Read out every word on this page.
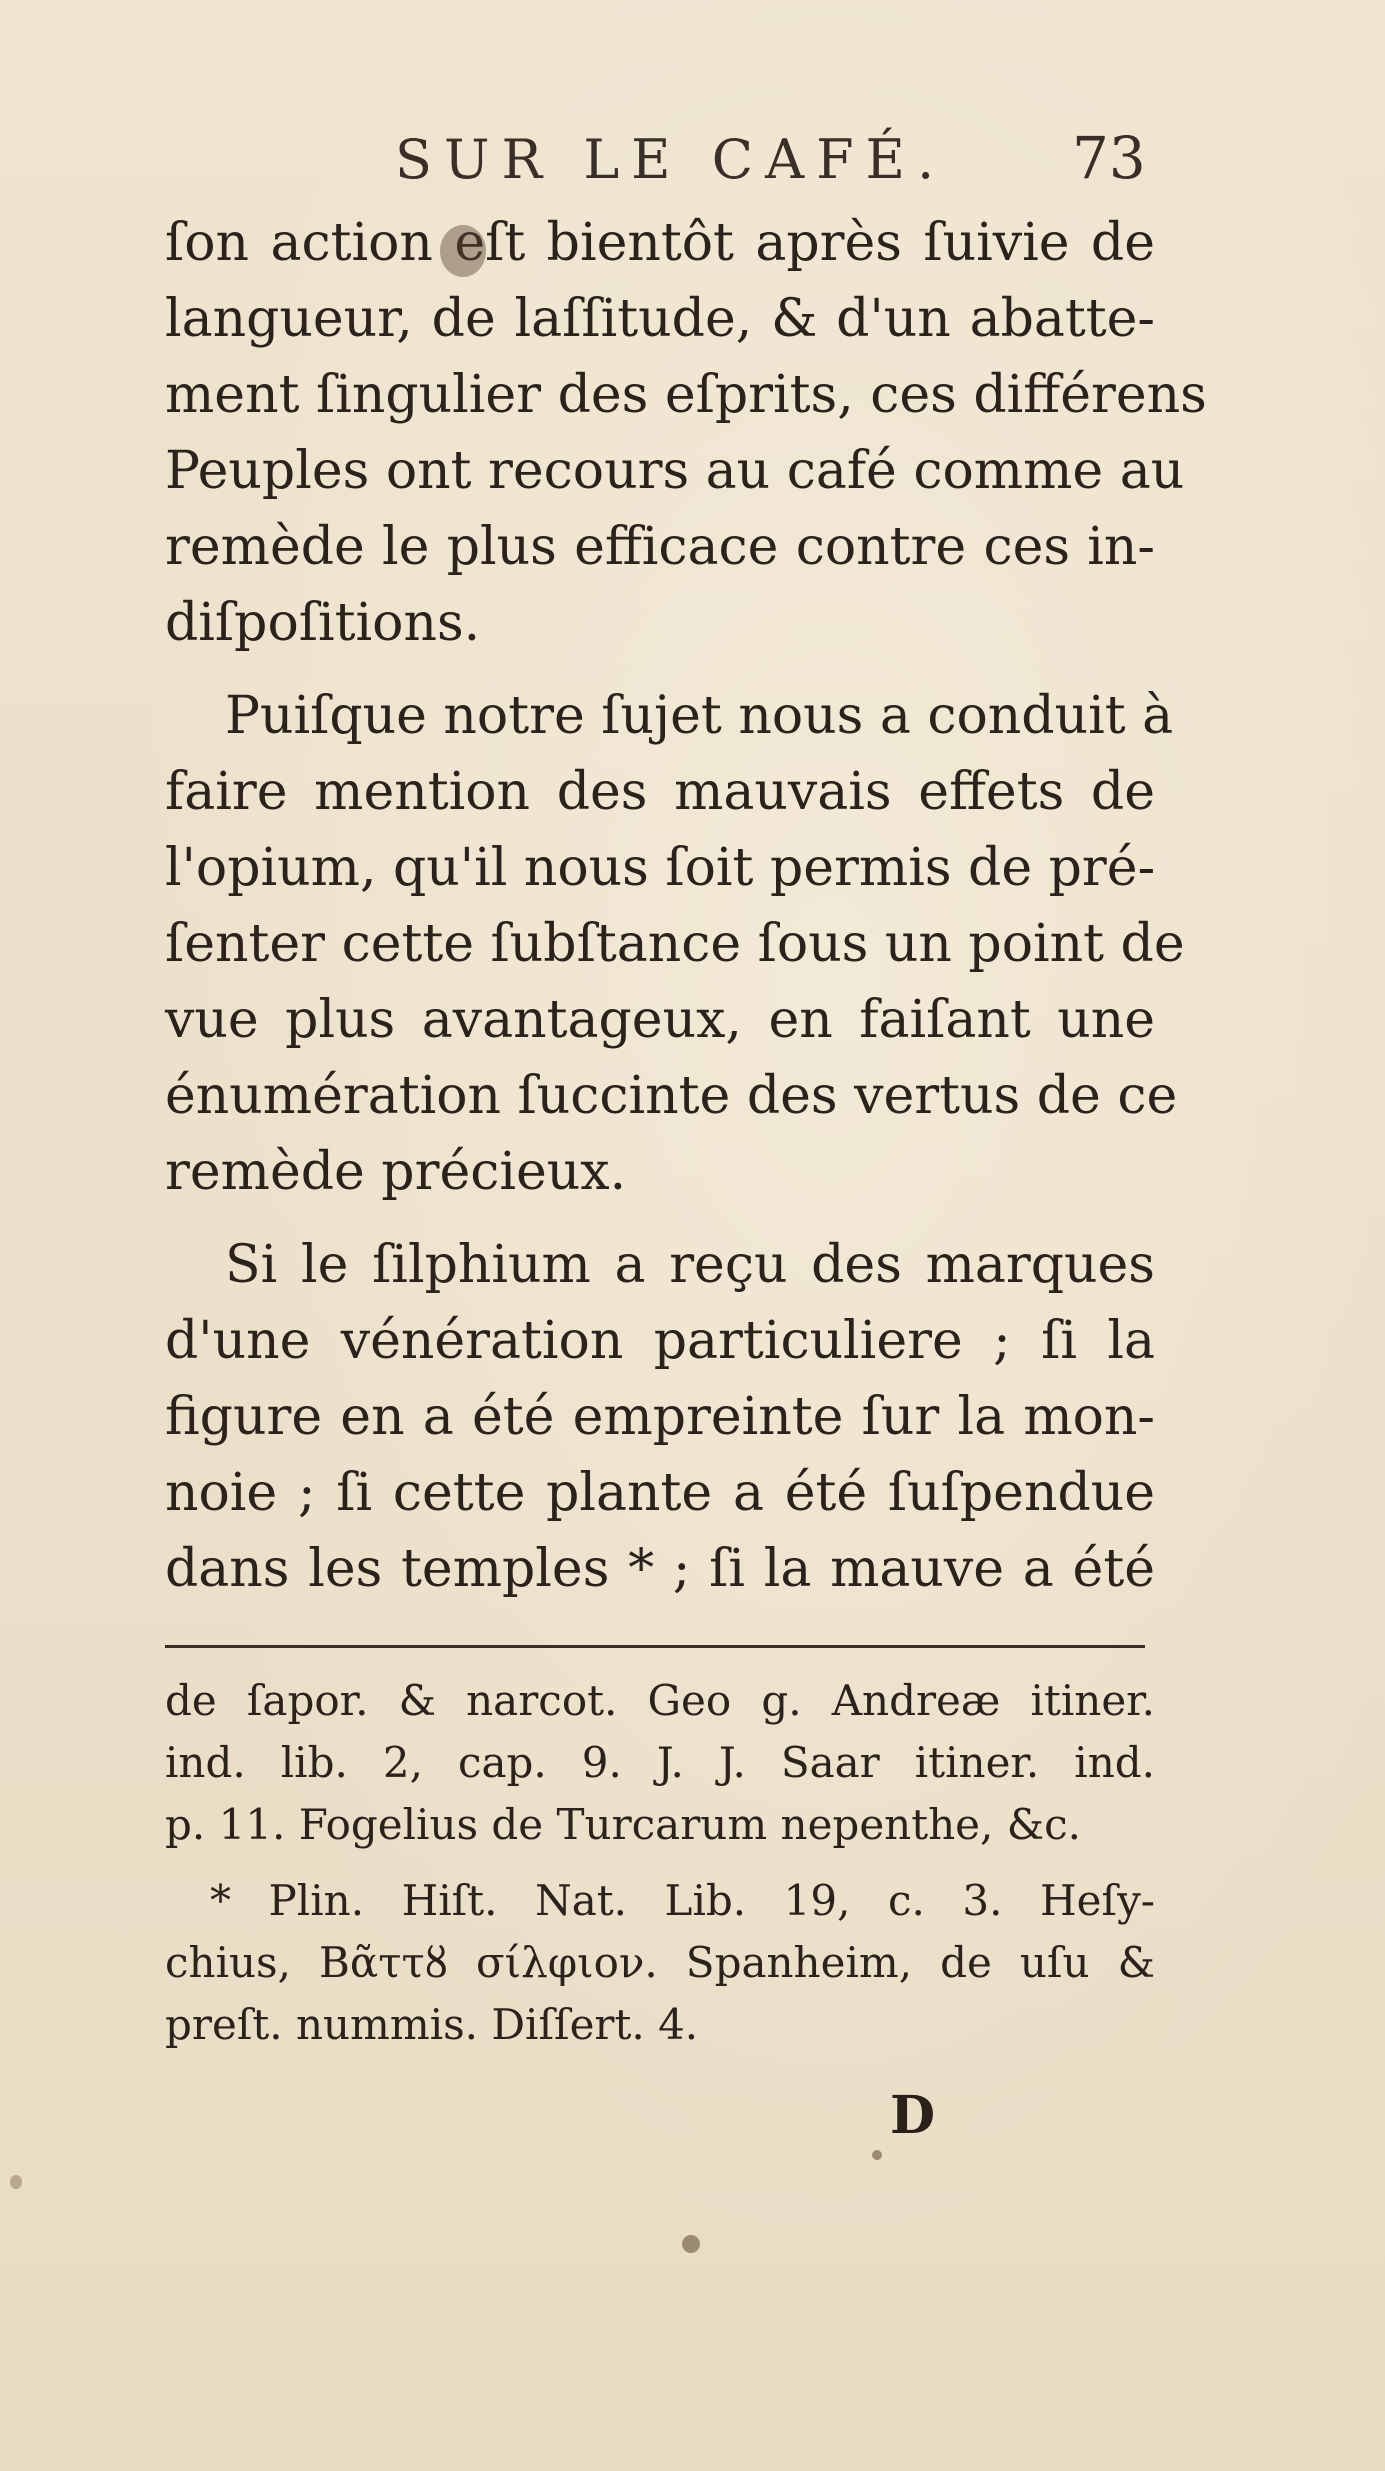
SUR LE CAFÉ. 73
ſon action eſt bientôt après ſuivie de
langueur, de laſſitude, & d'un abatte-
ment ſingulier des eſprits, ces différens
Peuples ont recours au café comme au
remède le plus efficace contre ces in-
diſpoſitions.
Puiſque notre ſujet nous a conduit à
faire mention des mauvais effets de
l'opium, qu'il nous ſoit permis de pré-
ſenter cette ſubſtance ſous un point de
vue plus avantageux, en faiſant une
énumération ſuccinte des vertus de ce
remède précieux.
Si le ſilphium a reçu des marques
d'une vénération particuliere ; ſi la
figure en a été empreinte ſur la mon-
noie ; ſi cette plante a été ſuſpendue
dans les temples * ; ſi la mauve a été
de ſapor. & narcot. Geo g. Andreæ itiner.
ind. lib. 2, cap. 9. J. J. Saar itiner. ind.
p. 11. Fogelius de Turcarum nepenthe, &c.
* Plin. Hiſt. Nat. Lib. 19, c. 3. Heſy-
chius, Βᾶττȣ σίλφιον. Spanheim, de uſu &
preſt. nummis. Diſſert. 4.
D
